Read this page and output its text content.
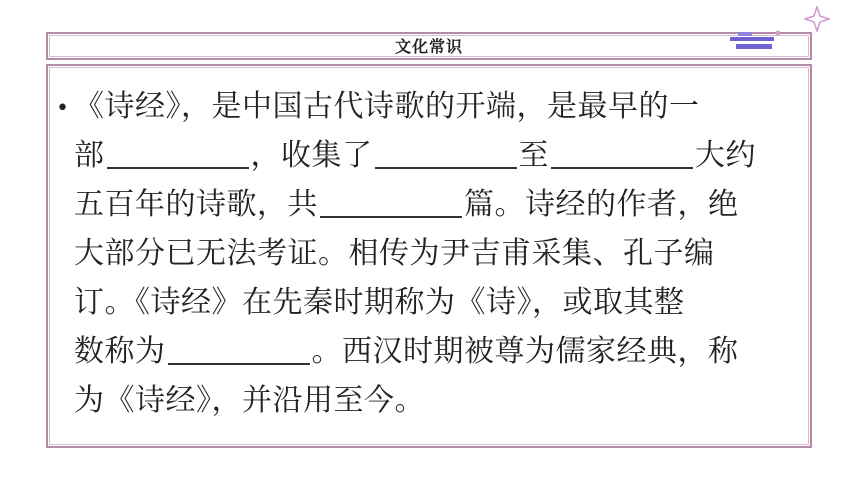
文化常识
• 《诗经》，是中国古代诗歌的开端，是最早的一
部	，收集了	至	大约
五百年的诗歌，共	篇。诗经的作者，绝
大部分已无法考证。相传为尹吉甫采集、孔子编
订。《诗经》在先秦时期称为《诗》，或取其整
数称为	。西汉时期被尊为儒家经典，称
为《诗经》，并沿用至今。
